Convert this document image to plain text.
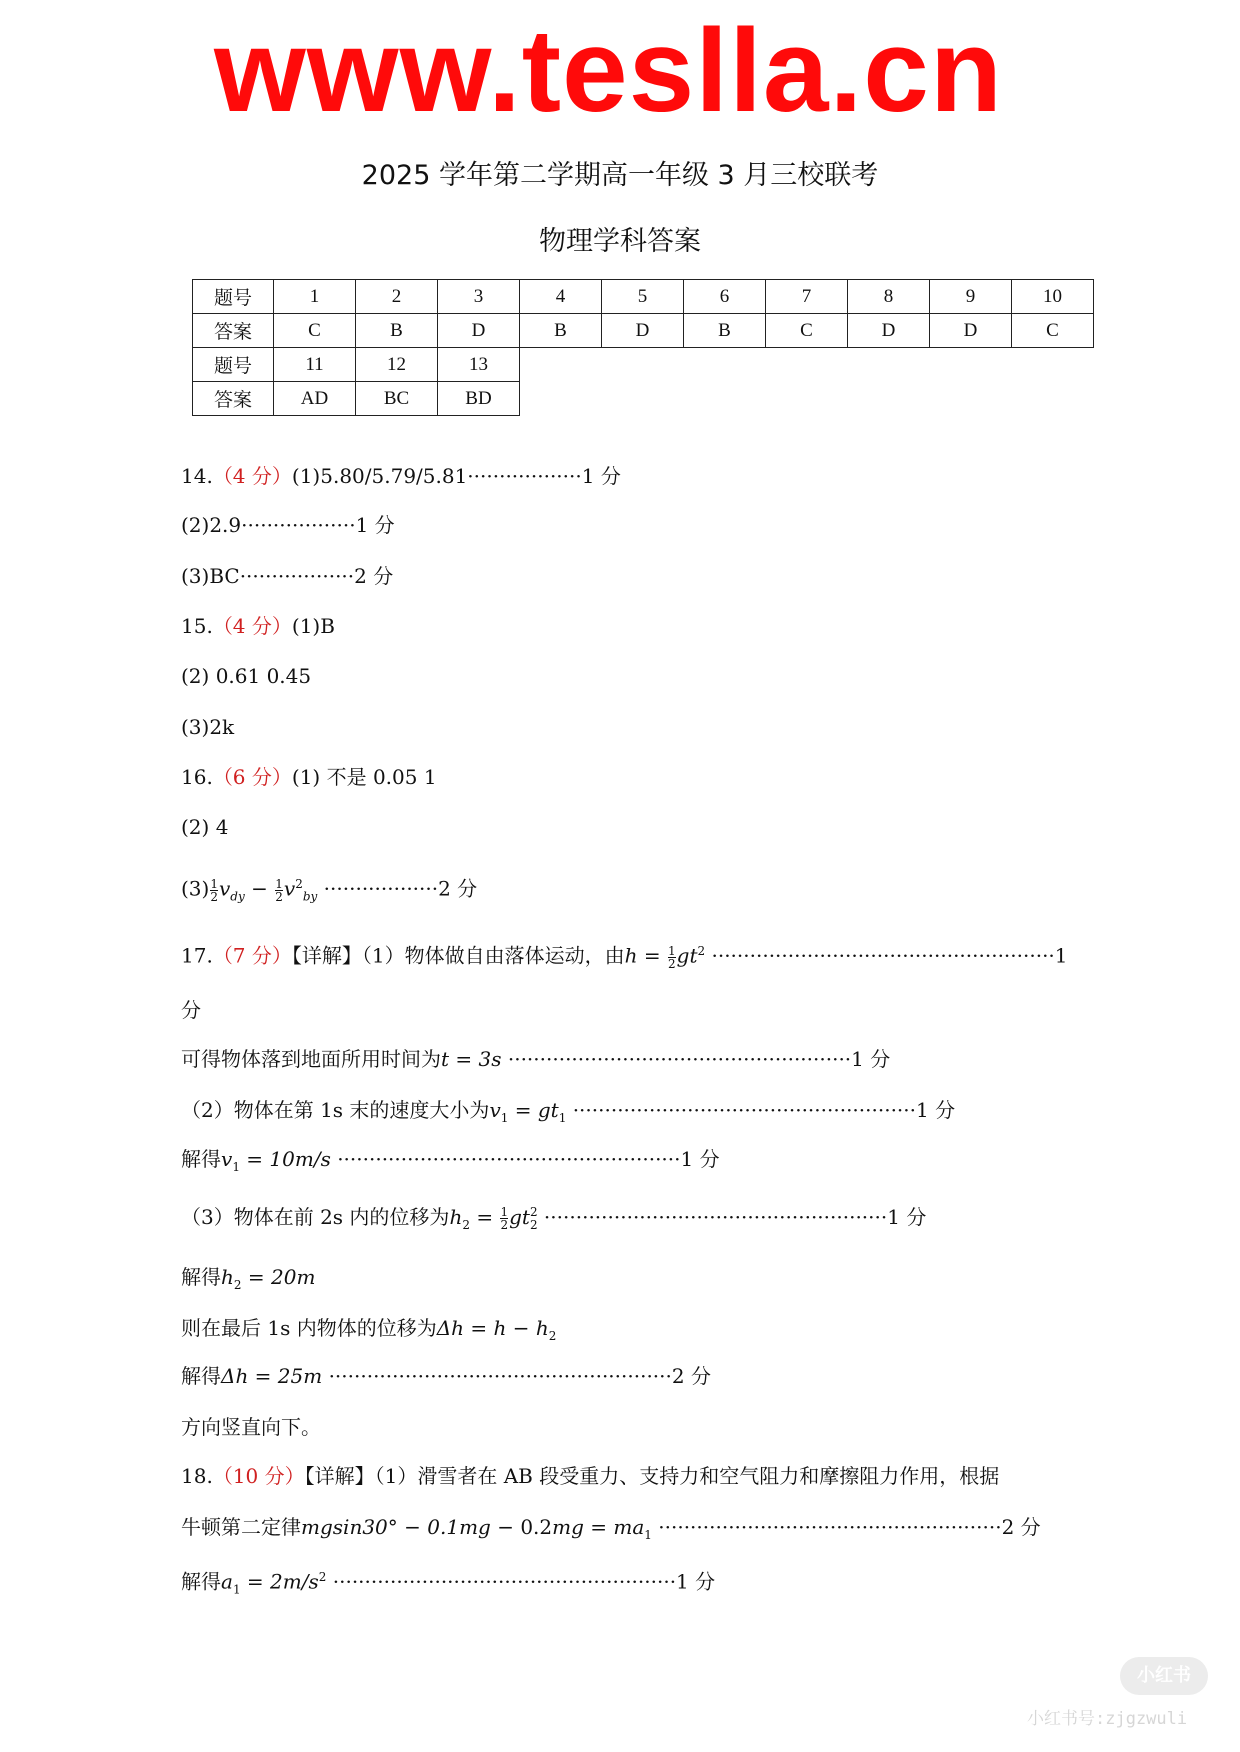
www.teslla.cn
2025 学年第二学期高一年级 3 月三校联考
物理学科答案
题号	1	2	3	4	5	6	7	8	9	10
答案	C	B	D	B	D	B	C	D	D	C
题号	11	12	13
答案	AD	BC	BD
14.（4 分）(1)5.80/5.79/5.81··················1 分
(2)2.9··················1 分
(3)BC··················2 分
15.（4 分）(1)B
(2) 0.61 0.45
(3)2k
16.（6 分）(1) 不是 0.05 1
(2) 4
$(3) \frac{1}{2} v_{dy} - \frac{1}{2} v^2_{by} \cdot\cdot\cdot\cdot\cdot\cdot\cdot\cdot\cdot\cdot\cdot\cdot\cdot\cdot\cdot\cdot\cdot\cdot 2$ 分
17.（7 分）【详解】（1）物体做自由落体运动，由$h = \frac{1}{2} gt^2 \cdot\cdot\cdot\cdot\cdot\cdot\cdot\cdot\cdot\cdot\cdot\cdot\cdot\cdot\cdot\cdot\cdot\cdot\cdot\cdot\cdot\cdot\cdot\cdot\cdot\cdot\cdot\cdot\cdot\cdot\cdot\cdot\cdot\cdot\cdot\cdot\cdot\cdot\cdot\cdot\cdot\cdot\cdot\cdot\cdot\cdot\cdot\cdot\cdot\cdot\cdot\cdot\cdot\cdot 1$
分
可得物体落到地面所用时间为t = 3s ······················································1 分
（2）物体在第 1s 末的速度大小为$v_1 = gt_1 \cdot\cdot\cdot\cdot\cdot\cdot\cdot\cdot\cdot\cdot\cdot\cdot\cdot\cdot\cdot\cdot\cdot\cdot\cdot\cdot\cdot\cdot\cdot\cdot\cdot\cdot\cdot\cdot\cdot\cdot\cdot\cdot\cdot\cdot\cdot\cdot\cdot\cdot\cdot\cdot\cdot\cdot\cdot\cdot\cdot\cdot\cdot\cdot\cdot\cdot\cdot\cdot\cdot\cdot 1$ 分
解得$v_1 = 10m/s \cdot\cdot\cdot\cdot\cdot\cdot\cdot\cdot\cdot\cdot\cdot\cdot\cdot\cdot\cdot\cdot\cdot\cdot\cdot\cdot\cdot\cdot\cdot\cdot\cdot\cdot\cdot\cdot\cdot\cdot\cdot\cdot\cdot\cdot\cdot\cdot\cdot\cdot\cdot\cdot\cdot\cdot\cdot\cdot\cdot\cdot\cdot\cdot\cdot\cdot\cdot\cdot\cdot\cdot 1$ 分
（3）物体在前 2s 内的位移为$h_2 = \frac{1}{2}$ gt 2
2 ······················································1 分
解得$h_2 = 20m$
则在最后 1s 内物体的位移为$\Delta h = h - h_2$
解得Δh = 25m ······················································2 分
方向竖直向下。
18.（10 分）【详解】（1）滑雪者在 AB 段受重力、支持力和空气阻力和摩擦阻力作用，根据
牛顿第二定律$mgsin30^\circ - 0.1mg - 0.2mg = ma_1 \cdot\cdot\cdot\cdot\cdot\cdot\cdot\cdot\cdot\cdot\cdot\cdot\cdot\cdot\cdot\cdot\cdot\cdot\cdot\cdot\cdot\cdot\cdot\cdot\cdot\cdot\cdot\cdot\cdot\cdot\cdot\cdot\cdot\cdot\cdot\cdot\cdot\cdot\cdot\cdot\cdot\cdot\cdot\cdot\cdot\cdot\cdot\cdot\cdot\cdot\cdot\cdot\cdot\cdot 2$ 分
解得$a_1 = 2m/s^2 \cdot\cdot\cdot\cdot\cdot\cdot\cdot\cdot\cdot\cdot\cdot\cdot\cdot\cdot\cdot\cdot\cdot\cdot\cdot\cdot\cdot\cdot\cdot\cdot\cdot\cdot\cdot\cdot\cdot\cdot\cdot\cdot\cdot\cdot\cdot\cdot\cdot\cdot\cdot\cdot\cdot\cdot\cdot\cdot\cdot\cdot\cdot\cdot\cdot\cdot\cdot\cdot\cdot\cdot 1$ 分
小红书
小红书号:zjgzwuli
